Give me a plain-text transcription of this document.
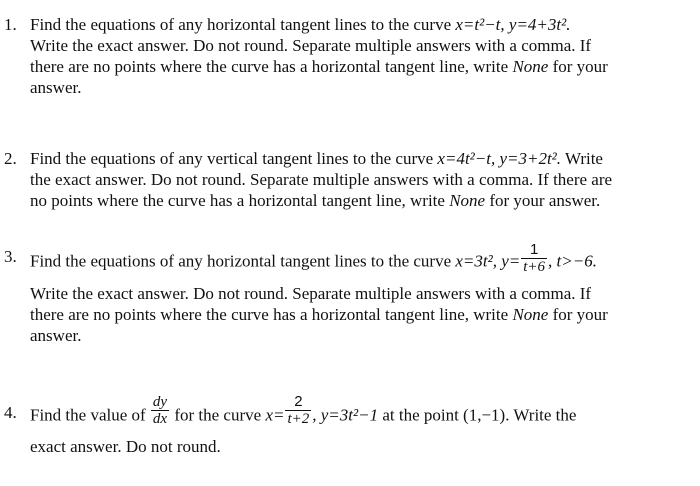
1. Find the equations of any horizontal tangent lines to the curve x=t²−t, y=4+3t².

Write the exact answer. Do not round. Separate multiple answers with a comma. If

there are no points where the curve has a horizontal tangent line, write None for your

answer.

2. Find the equations of any vertical tangent lines to the curve x=4t²−t, y=3+2t². Write

the exact answer. Do not round. Separate multiple answers with a comma. If there are

no points where the curve has a horizontal tangent line, write None for your answer.

3. Find the equations of any horizontal tangent lines to the curve x=3t², $y= \frac{1}{t+6}$ , t>−6.

Write the exact answer. Do not round. Separate multiple answers with a comma. If

there are no points where the curve has a horizontal tangent line, write None for your

answer.

4. Find the value of $\frac{dy}{dx}$ for the curve $x= \frac{2}{t+2}$ , y=3t²−1 at the point (1,−1). Write the

exact answer. Do not round.
